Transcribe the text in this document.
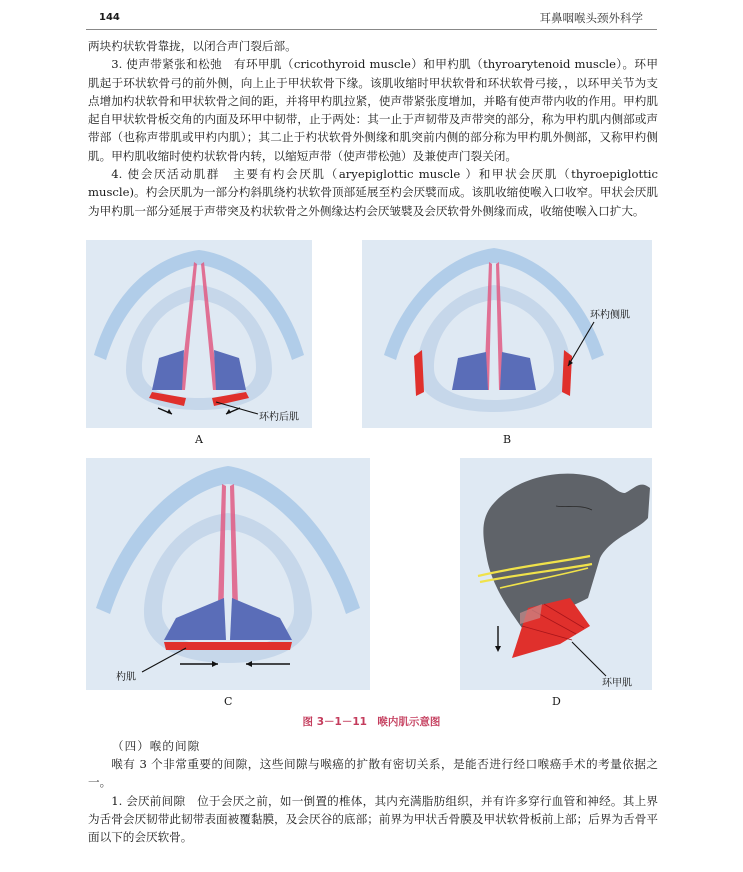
144	耳鼻咽喉头颈外科学

两块杓状软骨靠拢，以闭合声门裂后部。

3. 使声带紧张和松弛　有环甲肌（cricothyroid muscle）和甲杓肌（thyroarytenoid muscle）。环甲肌起于环状软骨弓的前外侧，向上止于甲状软骨下缘。该肌收缩时甲状软骨和环状软骨弓接，，以环甲关节为支点增加杓状软骨和甲状软骨之间的距，并将甲杓肌拉紧，使声带紧张度增加，并略有使声带内收的作用。甲杓肌起自甲状软骨板交角的内面及环甲中韧带，止于两处：其一止于声韧带及声带突的部分，称为甲杓肌内侧部或声带部（也称声带肌或甲杓内肌）；其二止于杓状软骨外侧缘和肌突前内侧的部分称为甲杓肌外侧部，又称甲杓侧肌。甲杓肌收缩时使杓状软骨内转，以缩短声带（使声带松弛）及兼使声门裂关闭。

4. 使会厌活动肌群　主要有杓会厌肌（aryepiglottic muscle ）和甲状会厌肌（thyroepiglottic muscle)。杓会厌肌为一部分杓斜肌绕杓状软骨顶部延展至杓会厌襞而成。该肌收缩使喉入口收窄。甲状会厌肌为甲杓肌一部分延展于声带突及杓状软骨之外侧缘达杓会厌皱襞及会厌软骨外侧缘而成，收缩使喉入口扩大。

环杓后肌
A
环杓侧肌
B
杓肌
C
环甲肌
D
图 3－1－11　喉内肌示意图
（四）喉的间隙

喉有 3 个非常重要的间隙，这些间隙与喉癌的扩散有密切关系，是能否进行经口喉癌手术的考量依据之一。

1. 会厌前间隙　位于会厌之前，如一倒置的椎体，其内充满脂肪组织，并有许多穿行血管和神经。其上界为舌骨会厌韧带此韧带表面被覆黏膜，及会厌谷的底部；前界为甲状舌骨膜及甲状软骨板前上部；后界为舌骨平面以下的会厌软骨。
